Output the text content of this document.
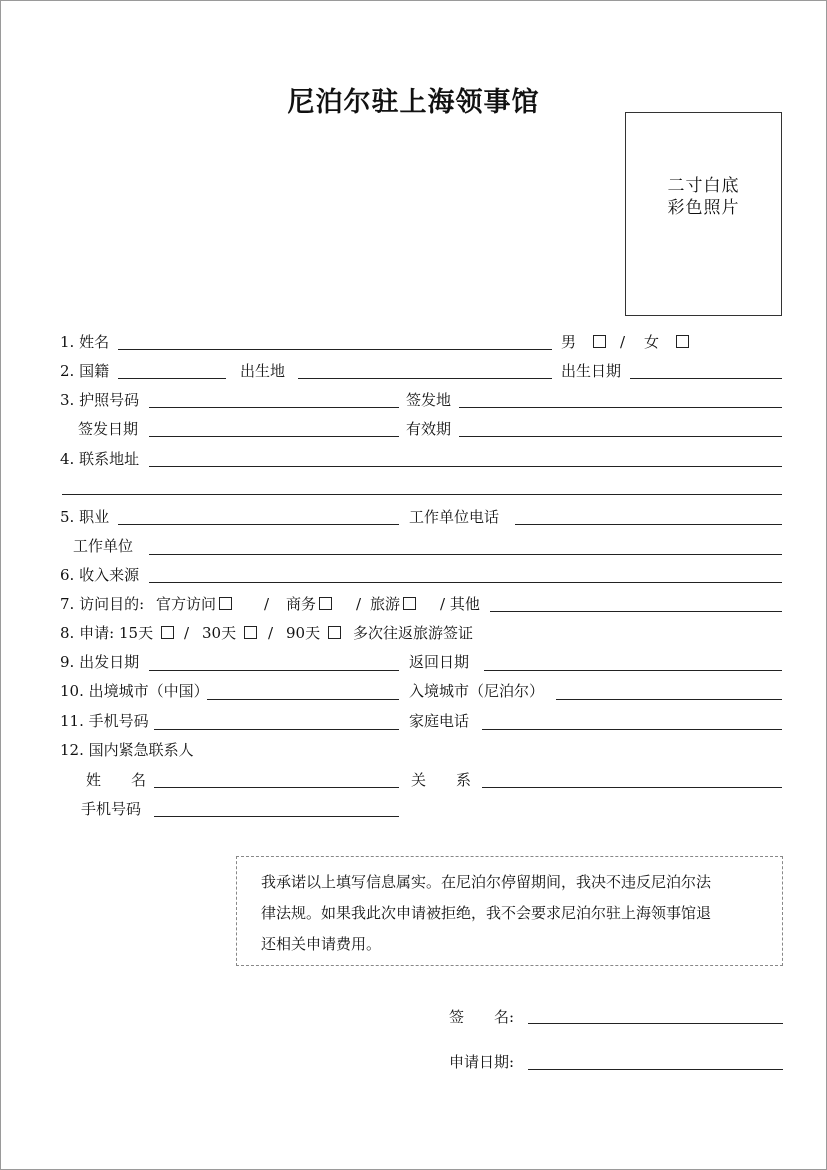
尼泊尔驻上海领事馆
二寸白底
彩色照片
1. 姓名	男	/ 女
2. 国籍	出生地	出生日期
3. 护照号码	签发地
签发日期	有效期
4. 联系地址
5. 职业	工作单位电话
工作单位
6. 收入来源
7. 访问目的: 官方访问	/ 商务	/ 旅游	/ 其他
8. 申请: 15天	/ 30天	/ 90天	多次往返旅游签证
9. 出发日期	返回日期
10. 出境城市（中国）	入境城市（尼泊尔）
11. 手机号码	家庭电话
12. 国内紧急联系人
姓　　名	关　　系
手机号码
我承诺以上填写信息属实。在尼泊尔停留期间，我决不违反尼泊尔法
律法规。如果我此次申请被拒绝，我不会要求尼泊尔驻上海领事馆退
还相关申请费用。
签　　名:
申请日期:
